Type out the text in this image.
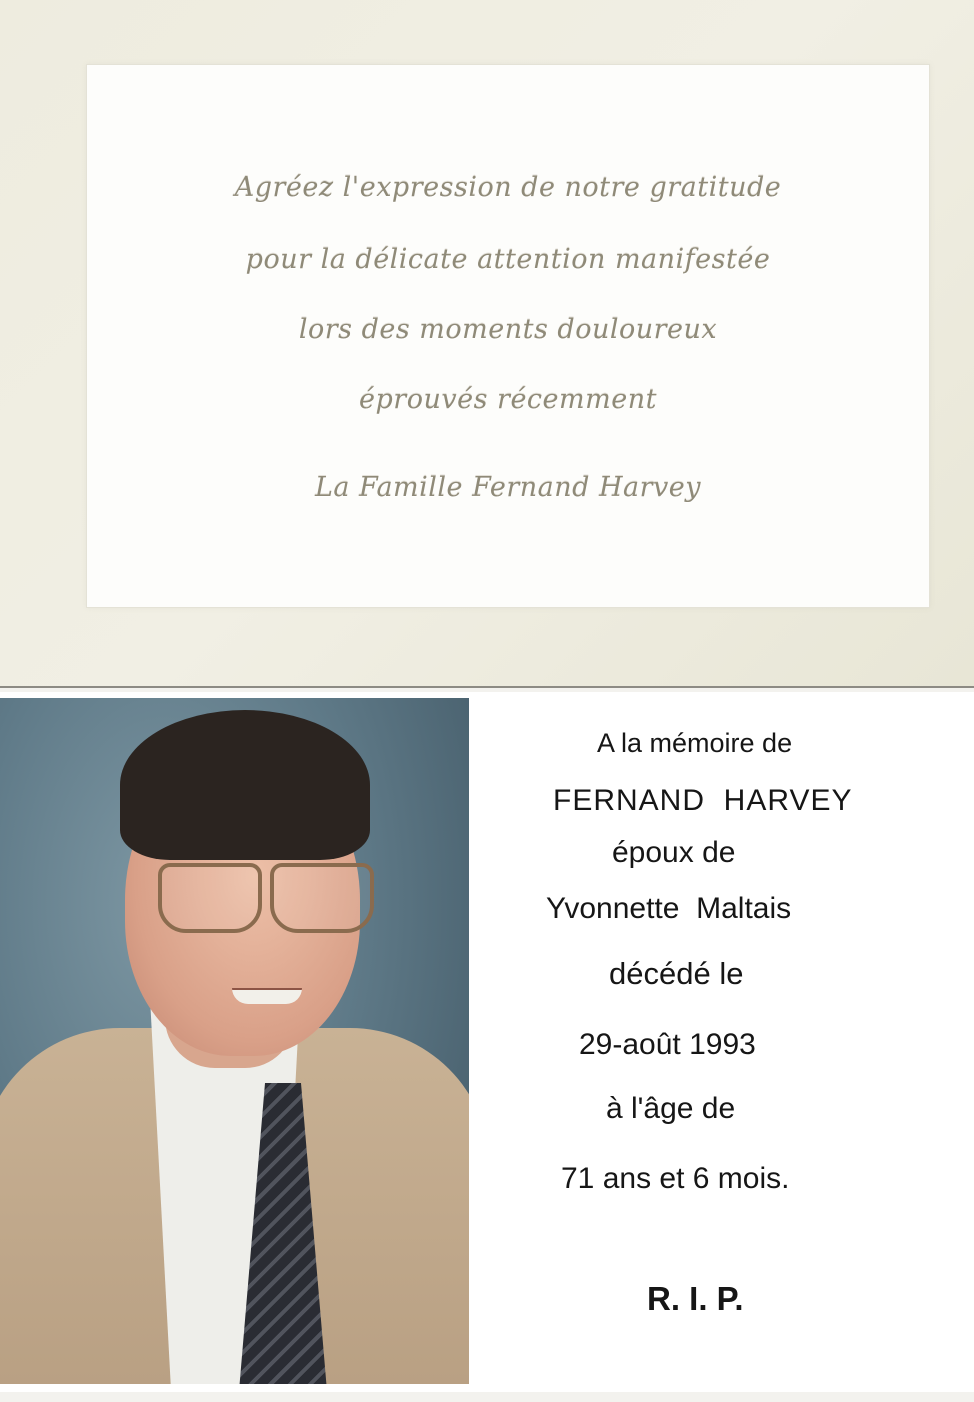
Agréez l'expression de notre gratitude
pour la délicate attention manifestée
lors des moments douloureux
éprouvés récemment
La Famille Fernand Harvey
A la mémoire de
FERNAND  HARVEY
époux de
Yvonnette  Maltais
décédé le
29-août 1993
à l'âge de
71 ans et 6 mois.
R. I. P.
